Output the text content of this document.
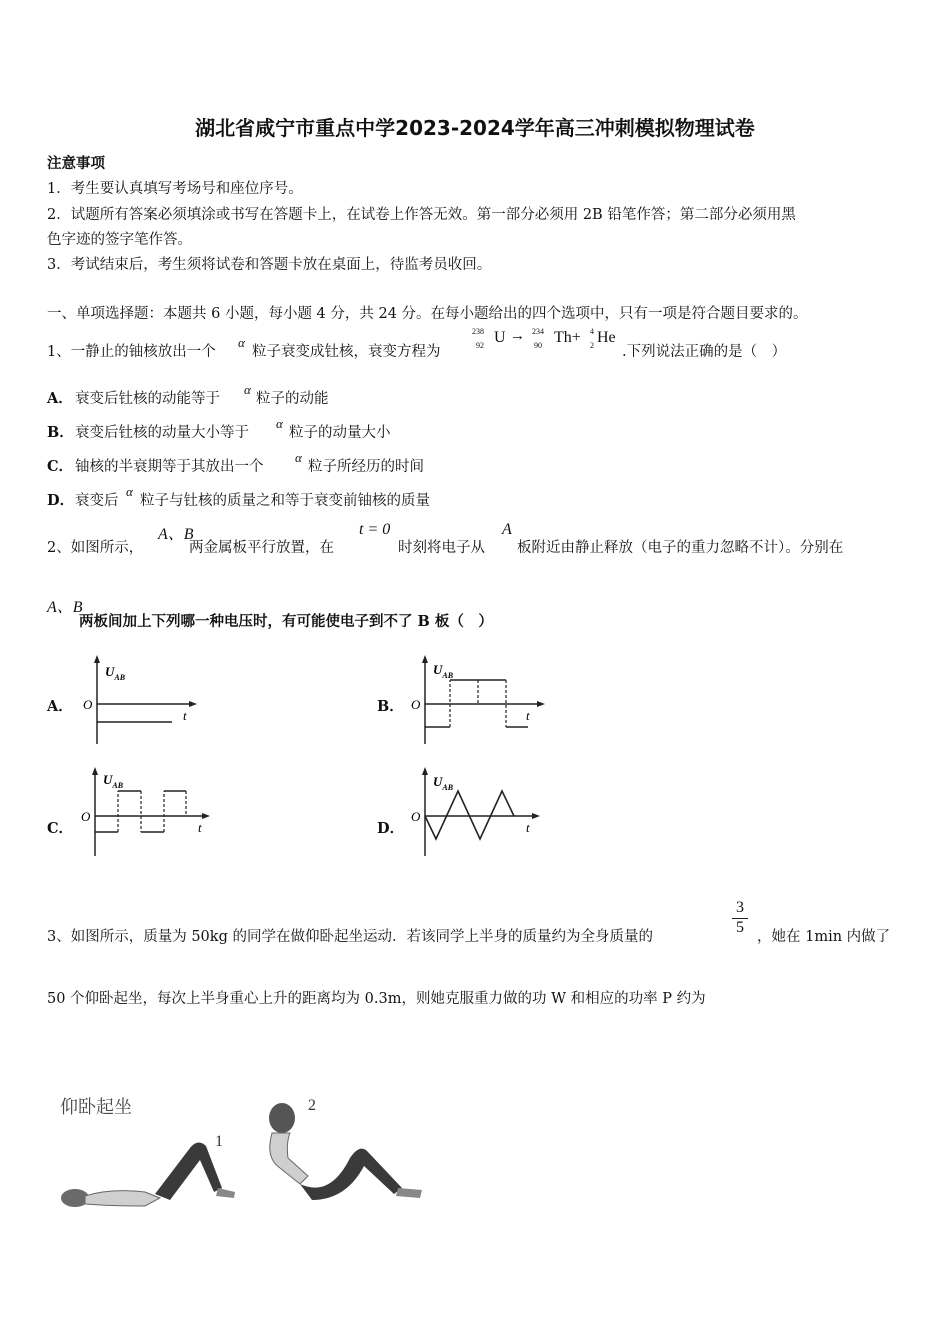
湖北省咸宁市重点中学2023-2024学年高三冲刺模拟物理试卷
注意事项
1．考生要认真填写考场号和座位序号。
2．试题所有答案必须填涂或书写在答题卡上，在试卷上作答无效。第一部分必须用 2B 铅笔作答；第二部分必须用黑
色字迹的签字笔作答。
3．考试结束后，考生须将试卷和答题卡放在桌面上，待监考员收回。
一、单项选择题：本题共 6 小题，每小题 4 分，共 24 分。在每小题给出的四个选项中，只有一项是符合题目要求的。
1、一静止的铀核放出一个
α
粒子衰变成钍核，衰变方程为
238
92 U → 234
90 Th+ 4
2 He
.下列说法正确的是（　）
A． 衰变后钍核的动能等于
α
粒子的动能
B． 衰变后钍核的动量大小等于
α
粒子的动量大小
C． 铀核的半衰期等于其放出一个
α
粒子所经历的时间
D． 衰变后
α
粒子与钍核的质量之和等于衰变前铀核的质量
2、如图所示，
A、B
两金属板平行放置，在
t = 0
时刻将电子从
A
板附近由静止释放（电子的重力忽略不计）。分别在
A、B
两板间加上下列哪一种电压时，有可能使电子到不了 B 板（　）
A．	B．
C．	D．
$U_{AB}$
O
t
$U_{AB}$
O
t
$U_{AB}$
O
t
$U_{AB}$
O
t
3、如图所示，质量为 50kg 的同学在做仰卧起坐运动．若该同学上半身的质量约为全身质量的
3
5
，她在 1min 内做了
50 个仰卧起坐，每次上半身重心上升的距离均为 0.3m，则她克服重力做的功 W 和相应的功率 P 约为
仰卧起坐
1
2
